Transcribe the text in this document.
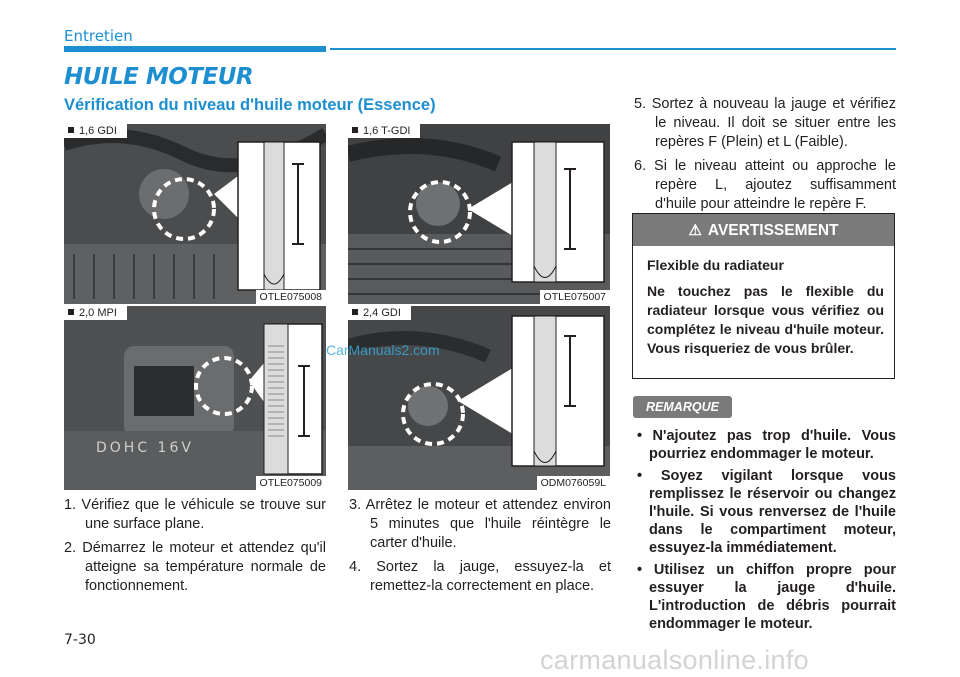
Entretien
HUILE MOTEUR
Vérification du niveau d'huile moteur (Essence)
1,6 GDI
OTLE075008
1,6 T-GDI
OTLE075007
DOHC 16V
2,0 MPI
OTLE075009
2,4 GDI
ODM076059L
CarManuals2.com

1. Vérifiez que le véhicule se trouve sur une surface plane.

2. Démarrez le moteur et attendez qu'il atteigne sa température normale de fonctionnement.

3. Arrêtez le moteur et attendez environ 5 minutes que l'huile réintègre le carter d'huile.

4. Sortez la jauge, essuyez-la et remettez-la correctement en place.

5. Sortez à nouveau la jauge et vérifiez le niveau. Il doit se situer entre les repères F (Plein) et L (Faible).

6. Si le niveau atteint ou approche le repère L, ajoutez suffisamment d'huile pour atteindre le repère F.

⚠ AVERTISSEMENT
Flexible du radiateur
Ne touchez pas le flexible du radiateur lorsque vous vérifiez ou complétez le niveau d'huile moteur. Vous risqueriez de vous brûler.
REMARQUE
• N'ajoutez pas trop d'huile. Vous pourriez endommager le moteur.
• Soyez vigilant lorsque vous remplissez le réservoir ou changez l'huile. Si vous renversez de l'huile dans le compartiment moteur, essuyez-la immédiatement.
• Utilisez un chiffon propre pour essuyer la jauge d'huile. L'introduction de débris pourrait endommager le moteur.
7-30
carmanualsonline.info
